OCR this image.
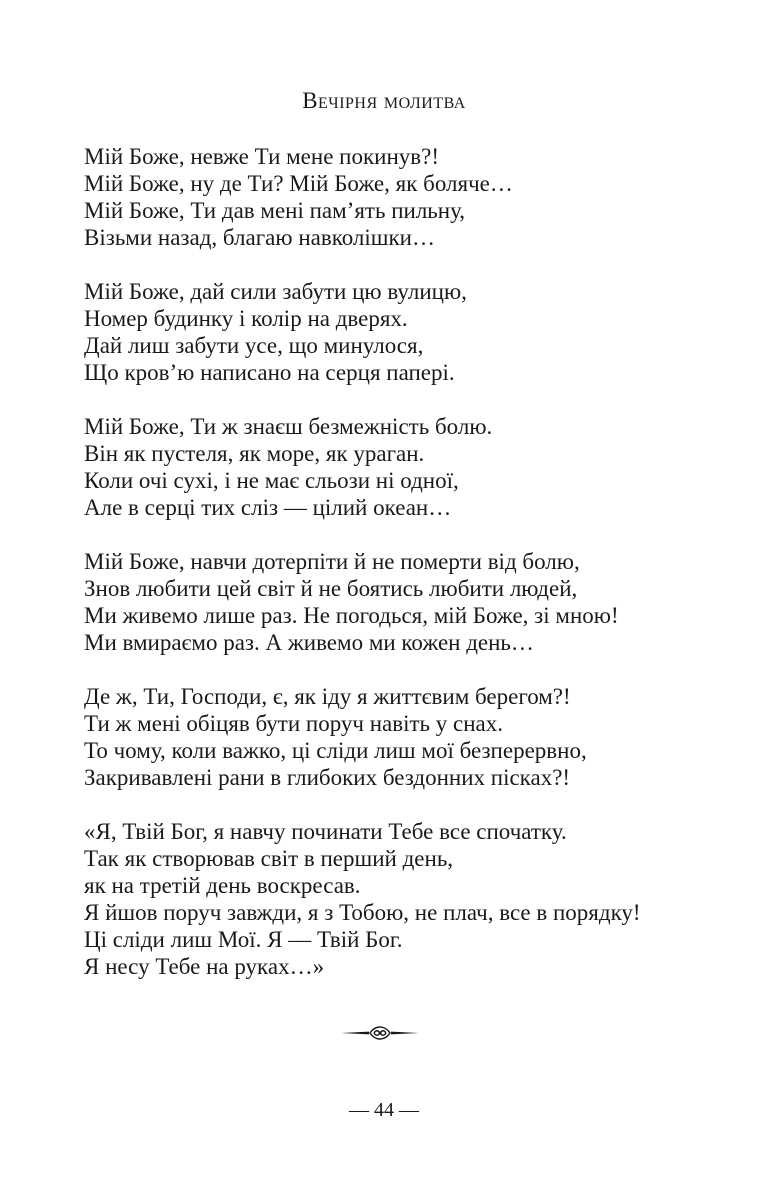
Вечірня молитва
Мій Боже, невже Ти мене покинув?!
Мій Боже, ну де Ти? Мій Боже, як боляче…
Мій Боже, Ти дав мені пам’ять пильну,
Візьми назад, благаю навколішки…
Мій Боже, дай сили забути цю вулицю,
Номер будинку і колір на дверях.
Дай лиш забути усе, що минулося,
Що кров’ю написано на серця папері.
Мій Боже, Ти ж знаєш безмежність болю.
Він як пустеля, як море, як ураган.
Коли очі сухі, і не має сльози ні одної,
Але в серці тих сліз — цілий океан…
Мій Боже, навчи дотерпіти й не померти від болю,
Знов любити цей світ й не боятись любити людей,
Ми живемо лише раз. Не погодься, мій Боже, зі мною!
Ми вмираємо раз. А живемо ми кожен день…
Де ж, Ти, Господи, є, як іду я життєвим берегом?!
Ти ж мені обіцяв бути поруч навіть у снах.
То чому, коли важко, ці сліди лиш мої безперервно,
Закривавлені рани в глибоких бездонних пісках?!
«Я, Твій Бог, я навчу починати Тебе все спочатку.
Так як створював світ в перший день,
як на третій день воскресав.
Я йшов поруч завжди, я з Тобою, не плач, все в порядку!
Ці сліди лиш Мої. Я — Твій Бог.
Я несу Тебе на руках…»
— 44 —
